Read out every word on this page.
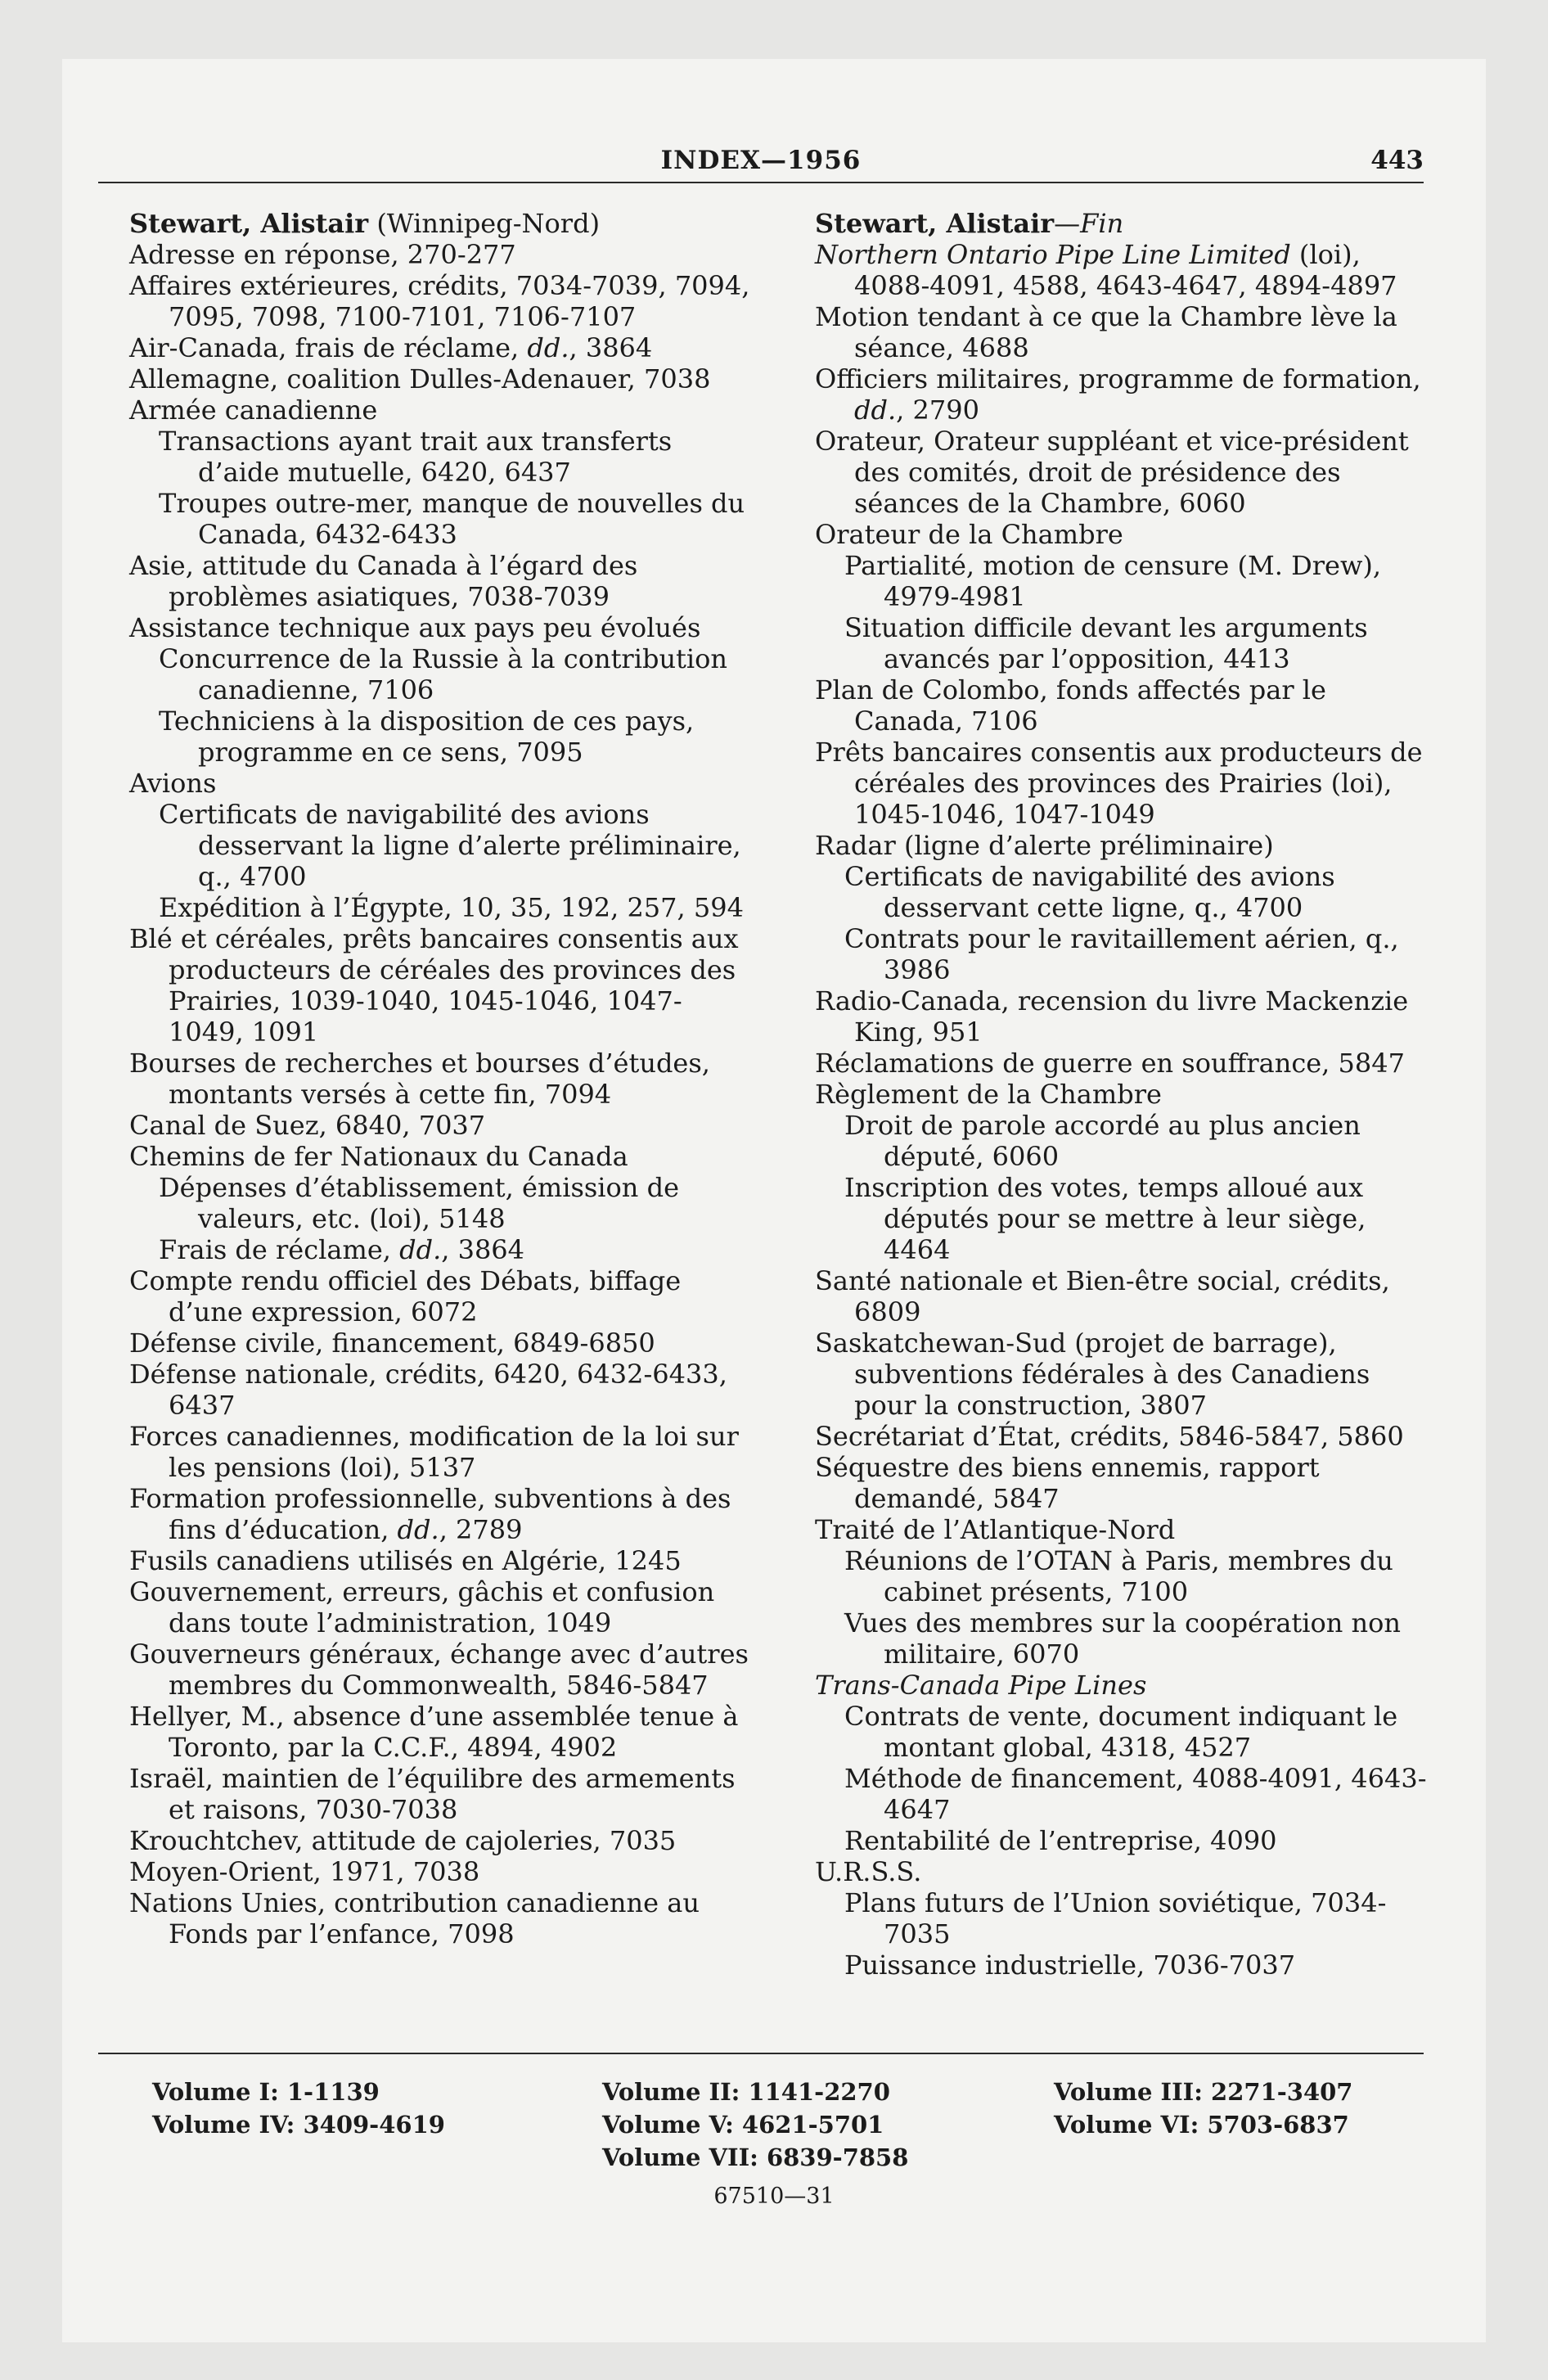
INDEX—1956	443
Stewart, Alistair (Winnipeg-Nord)
Adresse en réponse, 270-277
Affaires extérieures, crédits, 7034-7039, 7094, 7095, 7098, 7100-7101, 7106-7107
Air-Canada, frais de réclame, dd., 3864
Allemagne, coalition Dulles-Adenauer, 7038
Armée canadienne
Transactions ayant trait aux transferts d’aide mutuelle, 6420, 6437
Troupes outre-mer, manque de nouvelles du Canada, 6432-6433
Asie, attitude du Canada à l’égard des problèmes asiatiques, 7038-7039
Assistance technique aux pays peu évolués
Concurrence de la Russie à la contribution canadienne, 7106
Techniciens à la disposition de ces pays, programme en ce sens, 7095
Avions
Certificats de navigabilité des avions desservant la ligne d’alerte préliminaire, q., 4700
Expédition à l’Égypte, 10, 35, 192, 257, 594
Blé et céréales, prêts bancaires consentis aux producteurs de céréales des provinces des Prairies, 1039-1040, 1045-1046, 1047-1049, 1091
Bourses de recherches et bourses d’études, montants versés à cette fin, 7094
Canal de Suez, 6840, 7037
Chemins de fer Nationaux du Canada
Dépenses d’établissement, émission de valeurs, etc. (loi), 5148
Frais de réclame, dd., 3864
Compte rendu officiel des Débats, biffage d’une expression, 6072
Défense civile, financement, 6849-6850
Défense nationale, crédits, 6420, 6432-6433, 6437
Forces canadiennes, modification de la loi sur les pensions (loi), 5137
Formation professionnelle, subventions à des fins d’éducation, dd., 2789
Fusils canadiens utilisés en Algérie, 1245
Gouvernement, erreurs, gâchis et confusion dans toute l’administration, 1049
Gouverneurs généraux, échange avec d’autres membres du Commonwealth, 5846-5847
Hellyer, M., absence d’une assemblée tenue à Toronto, par la C.C.F., 4894, 4902
Israël, maintien de l’équilibre des armements et raisons, 7030-7038
Krouchtchev, attitude de cajoleries, 7035
Moyen-Orient, 1971, 7038
Nations Unies, contribution canadienne au Fonds par l’enfance, 7098
Stewart, Alistair—Fin
Northern Ontario Pipe Line Limited (loi), 4088-4091, 4588, 4643-4647, 4894-4897
Motion tendant à ce que la Chambre lève la séance, 4688
Officiers militaires, programme de formation, dd., 2790
Orateur, Orateur suppléant et vice-président des comités, droit de présidence des séances de la Chambre, 6060
Orateur de la Chambre
Partialité, motion de censure (M. Drew), 4979-4981
Situation difficile devant les arguments avancés par l’opposition, 4413
Plan de Colombo, fonds affectés par le Canada, 7106
Prêts bancaires consentis aux producteurs de céréales des provinces des Prairies (loi), 1045-1046, 1047-1049
Radar (ligne d’alerte préliminaire)
Certificats de navigabilité des avions desservant cette ligne, q., 4700
Contrats pour le ravitaillement aérien, q., 3986
Radio-Canada, recension du livre Mackenzie King, 951
Réclamations de guerre en souffrance, 5847
Règlement de la Chambre
Droit de parole accordé au plus ancien député, 6060
Inscription des votes, temps alloué aux députés pour se mettre à leur siège, 4464
Santé nationale et Bien-être social, crédits, 6809
Saskatchewan-Sud (projet de barrage), subventions fédérales à des Canadiens pour la construction, 3807
Secrétariat d’État, crédits, 5846-5847, 5860
Séquestre des biens ennemis, rapport demandé, 5847
Traité de l’Atlantique-Nord
Réunions de l’OTAN à Paris, membres du cabinet présents, 7100
Vues des membres sur la coopération non militaire, 6070
Trans-Canada Pipe Lines
Contrats de vente, document indiquant le montant global, 4318, 4527
Méthode de financement, 4088-4091, 4643-4647
Rentabilité de l’entreprise, 4090
U.R.S.S.
Plans futurs de l’Union soviétique, 7034-7035
Puissance industrielle, 7036-7037
Volume I: 1-1139
Volume IV: 3409-4619
Volume II: 1141-2270
Volume V: 4621-5701
Volume VII: 6839-7858
Volume III: 2271-3407
Volume VI: 5703-6837
67510—31
